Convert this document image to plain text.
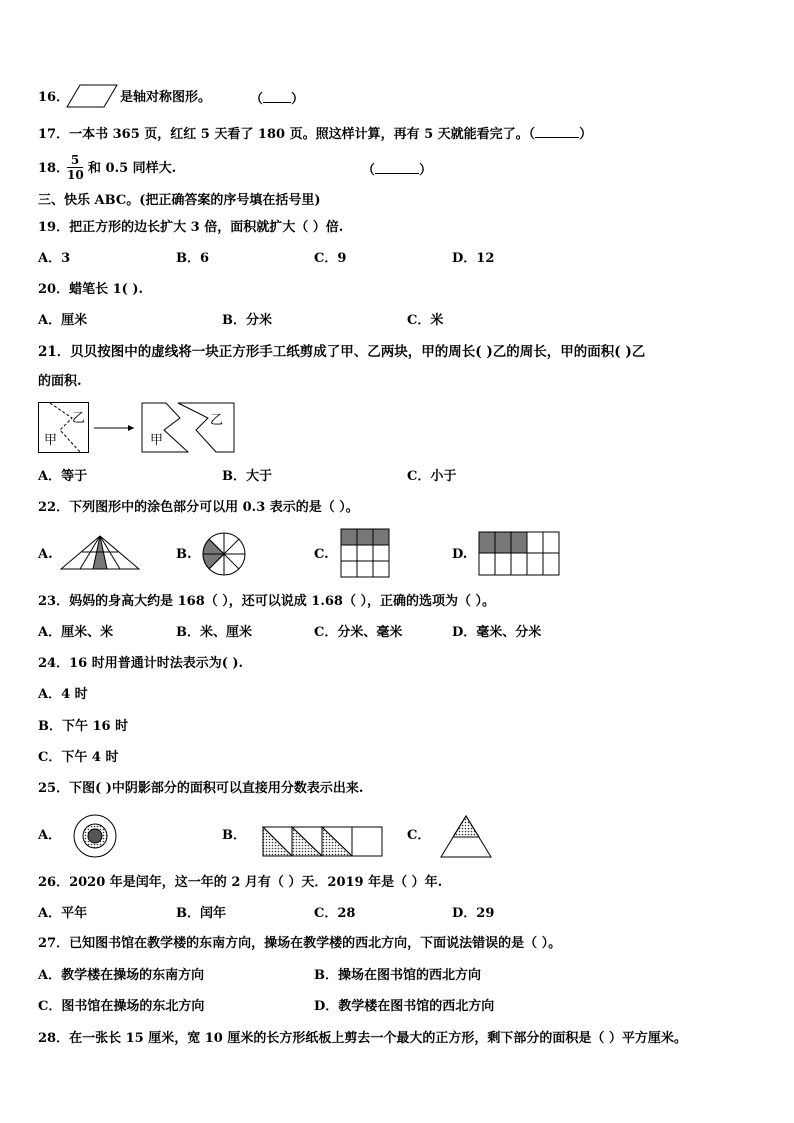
16．	是轴对称图形。	（ ）
17．一本书 365 页，红红 5 天看了 180 页。照这样计算，再有 5 天就能看完了。（	）
18．
$\frac{5}{10}$ 和 0.5 同样大.	（	）
三、快乐 ABC。(把正确答案的序号填在括号里)
19．把正方形的边长扩大 3 倍，面积就扩大（ ）倍.
A．3	B．6	C．9	D．12
20．蜡笔长 1( ).
A．厘米	B．分米	C．米
21．贝贝按图中的虚线将一块正方形手工纸剪成了甲、乙两块，甲的周长( )乙的周长，甲的面积( )乙
的面积.
甲
乙
甲
乙
A．等于	B．大于	C．小于
22．下列图形中的涂色部分可以用 0.3 表示的是（ ）。
A.	B.	C.	D.
23．妈妈的身高大约是 168（ ），还可以说成 1.68（ ），正确的选项为（ ）。
A．厘米、米	B．米、厘米	C．分米、毫米	D．毫米、分米
24．16 时用普通计时法表示为( ).
A．4 时
B．下午 16 时
C．下午 4 时
25．下图( )中阴影部分的面积可以直接用分数表示出来.
A．	B．	C．
26．2020 年是闰年，这一年的 2 月有（ ）天．2019 年是（ ）年.
A．平年	B．闰年	C．28	D．29
27．已知图书馆在教学楼的东南方向，操场在教学楼的西北方向，下面说法错误的是（ ）。
A．教学楼在操场的东南方向	B．操场在图书馆的西北方向
C．图书馆在操场的东北方向	D．教学楼在图书馆的西北方向
28．在一张长 15 厘米，宽 10 厘米的长方形纸板上剪去一个最大的正方形，剩下部分的面积是（ ）平方厘米。
